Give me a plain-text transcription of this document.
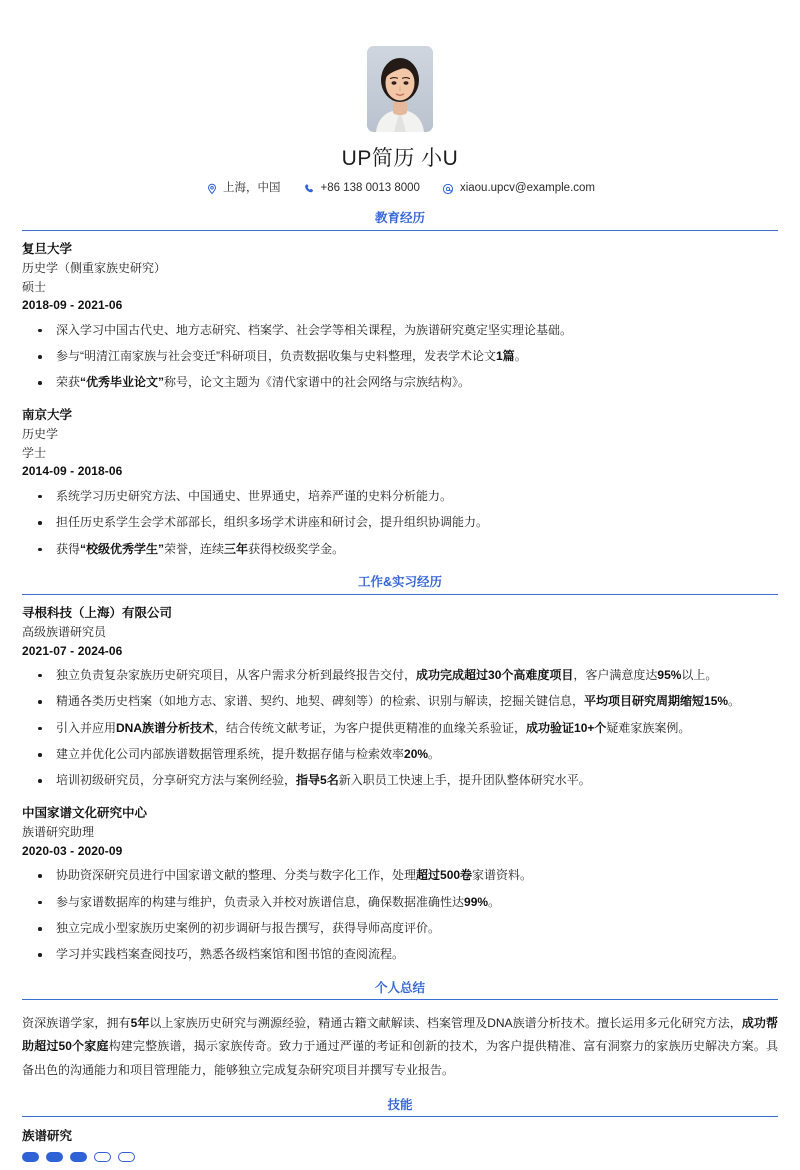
UP简历 小U
上海，中国	+86 138 0013 8000	xiaou.upcv@example.com
教育经历
复旦大学
历史学（侧重家族史研究）
硕士
2018-09 - 2021-06
深入学习中国古代史、地方志研究、档案学、社会学等相关课程，为族谱研究奠定坚实理论基础。
参与“明清江南家族与社会变迁”科研项目，负责数据收集与史料整理，发表学术论文1篇。
荣获“优秀毕业论文”称号，论文主题为《清代家谱中的社会网络与宗族结构》。
南京大学
历史学
学士
2014-09 - 2018-06
系统学习历史研究方法、中国通史、世界通史，培养严谨的史料分析能力。
担任历史系学生会学术部部长，组织多场学术讲座和研讨会，提升组织协调能力。
获得“校级优秀学生”荣誉，连续三年获得校级奖学金。
工作&实习经历
寻根科技（上海）有限公司
高级族谱研究员
2021-07 - 2024-06
独立负责复杂家族历史研究项目，从客户需求分析到最终报告交付，成功完成超过30个高难度项目，客户满意度达95%以上。
精通各类历史档案（如地方志、家谱、契约、地契、碑刻等）的检索、识别与解读，挖掘关键信息，平均项目研究周期缩短15%。
引入并应用DNA族谱分析技术，结合传统文献考证，为客户提供更精准的血缘关系验证，成功验证10+个疑难家族案例。
建立并优化公司内部族谱数据管理系统，提升数据存储与检索效率20%。
培训初级研究员，分享研究方法与案例经验，指导5名新入职员工快速上手，提升团队整体研究水平。
中国家谱文化研究中心
族谱研究助理
2020-03 - 2020-09
协助资深研究员进行中国家谱文献的整理、分类与数字化工作，处理超过500卷家谱资料。
参与家谱数据库的构建与维护，负责录入并校对族谱信息，确保数据准确性达99%。
独立完成小型家族历史案例的初步调研与报告撰写，获得导师高度评价。
学习并实践档案查阅技巧，熟悉各级档案馆和图书馆的查阅流程。
个人总结

资深族谱学家，拥有5年以上家族历史研究与溯源经验，精通古籍文献解读、档案管理及DNA族谱分析技术。擅长运用多元化研究方法，成功帮助超过50个家庭构建完整族谱，揭示家族传奇。致力于通过严谨的考证和创新的技术，为客户提供精准、富有洞察力的家族历史解决方案。具备出色的沟通能力和项目管理能力，能够独立完成复杂研究项目并撰写专业报告。

技能
族谱研究
